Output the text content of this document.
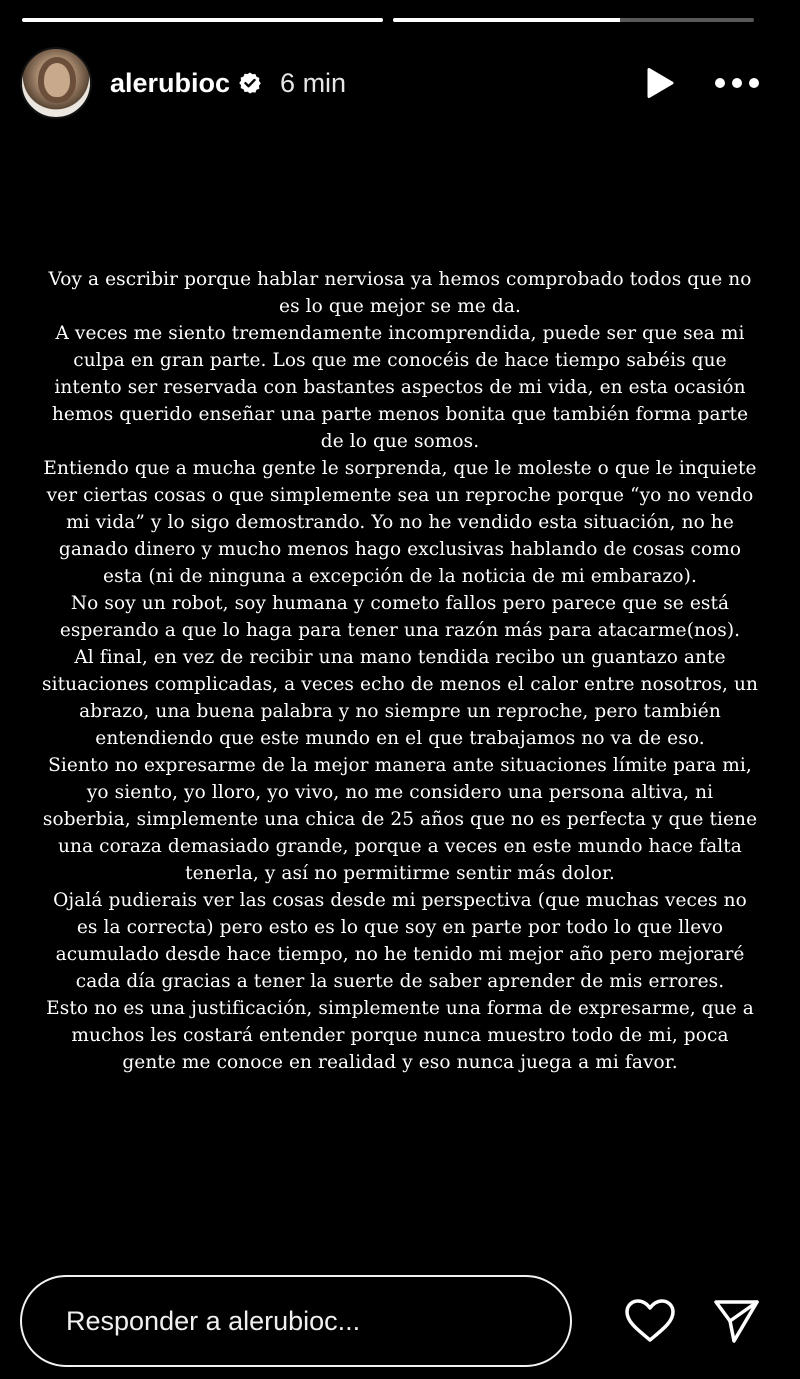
alerubioc 6 min

Voy a escribir porque hablar nerviosa ya hemos comprobado todos que no
es lo que mejor se me da.

A veces me siento tremendamente incomprendida, puede ser que sea mi
culpa en gran parte. Los que me conocéis de hace tiempo sabéis que
intento ser reservada con bastantes aspectos de mi vida, en esta ocasión
hemos querido enseñar una parte menos bonita que también forma parte
de lo que somos.

Entiendo que a mucha gente le sorprenda, que le moleste o que le inquiete
ver ciertas cosas o que simplemente sea un reproche porque “yo no vendo
mi vida” y lo sigo demostrando. Yo no he vendido esta situación, no he
ganado dinero y mucho menos hago exclusivas hablando de cosas como
esta (ni de ninguna a excepción de la noticia de mi embarazo).

No soy un robot, soy humana y cometo fallos pero parece que se está
esperando a que lo haga para tener una razón más para atacarme(nos).

Al final, en vez de recibir una mano tendida recibo un guantazo ante
situaciones complicadas, a veces echo de menos el calor entre nosotros, un
abrazo, una buena palabra y no siempre un reproche, pero también
entendiendo que este mundo en el que trabajamos no va de eso.

Siento no expresarme de la mejor manera ante situaciones límite para mi,
yo siento, yo lloro, yo vivo, no me considero una persona altiva, ni
soberbia, simplemente una chica de 25 años que no es perfecta y que tiene
una coraza demasiado grande, porque a veces en este mundo hace falta
tenerla, y así no permitirme sentir más dolor.

Ojalá pudierais ver las cosas desde mi perspectiva (que muchas veces no
es la correcta) pero esto es lo que soy en parte por todo lo que llevo
acumulado desde hace tiempo, no he tenido mi mejor año pero mejoraré
cada día gracias a tener la suerte de saber aprender de mis errores.

Esto no es una justificación, simplemente una forma de expresarme, que a
muchos les costará entender porque nunca muestro todo de mi, poca
gente me conoce en realidad y eso nunca juega a mi favor.

Responder a alerubioc...
